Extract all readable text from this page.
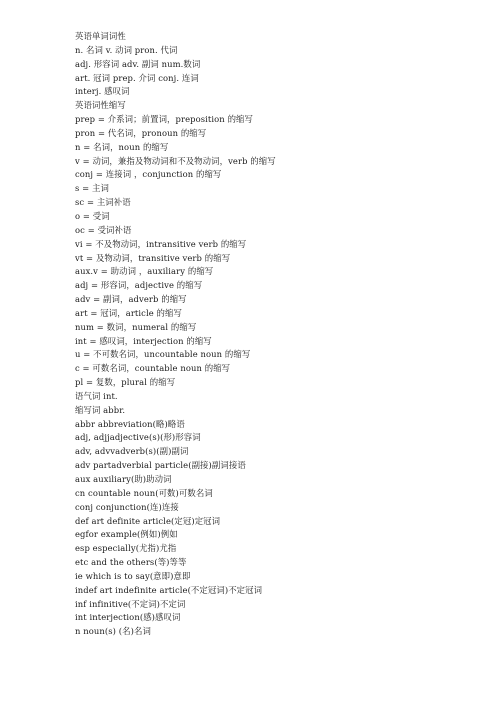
英语单词词性
n. 名词 v. 动词 pron. 代词
adj. 形容词 adv. 副词 num.数词
art. 冠词 prep. 介词 conj. 连词
interj. 感叹词
英语词性缩写
prep = 介系词；前置词，preposition 的缩写
pron = 代名词，pronoun 的缩写
n = 名词，noun 的缩写
v = 动词，兼指及物动词和不及物动词，verb 的缩写
conj = 连接词 ，conjunction 的缩写
s = 主词
sc = 主词补语
o = 受词
oc = 受词补语
vi = 不及物动词，intransitive verb 的缩写
vt = 及物动词，transitive verb 的缩写
aux.v = 助动词 ，auxiliary 的缩写
adj = 形容词，adjective 的缩写
adv = 副词，adverb 的缩写
art = 冠词，article 的缩写
num = 数词，numeral 的缩写
int = 感叹词，interjection 的缩写
u = 不可数名词，uncountable noun 的缩写
c = 可数名词，countable noun 的缩写
pl = 复数，plural 的缩写
语气词 int.
缩写词 abbr.
abbr abbreviation(略)略语
adj, adjjadjective(s)(形)形容词
adv, advvadverb(s)(副)副词
adv partadverbial particle(副接)副词接语
aux auxiliary(助)助动词
cn countable noun(可数)可数名词
conj conjunction(连)连接
def art definite article(定冠)定冠词
egfor example(例如)例如
esp especially(尤指)尤指
etc and the others(等)等等
ie which is to say(意即)意即
indef art indefinite article(不定冠词)不定冠词
inf infinitive(不定词)不定词
int interjection(感)感叹词
n noun(s) (名)名词
